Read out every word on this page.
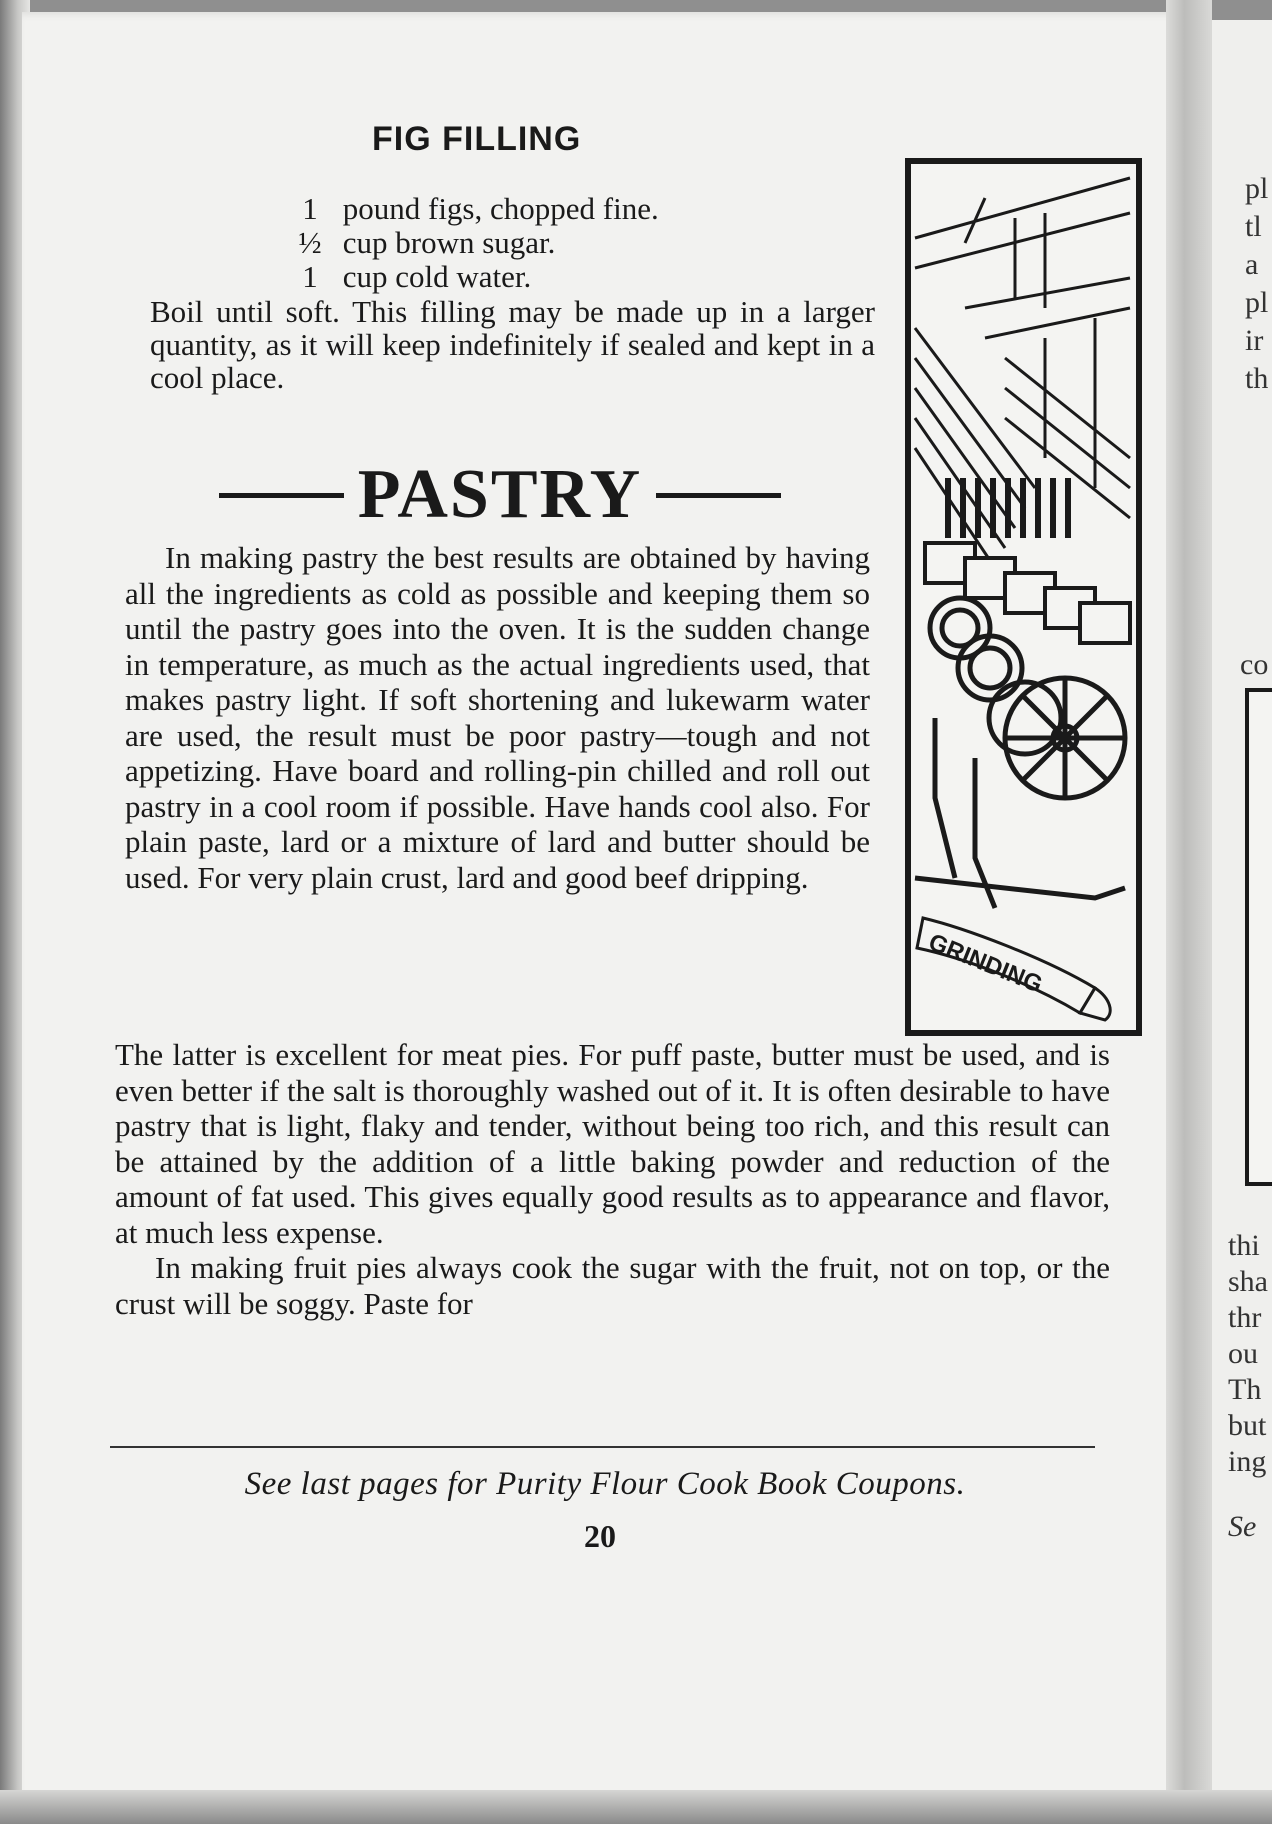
FIG FILLING
1 pound figs, chopped fine.
½ cup brown sugar.
1 cup cold water.

Boil until soft. This filling may be made up in a larger quantity, as it will keep indefinitely if sealed and kept in a cool place.

PASTRY

In making pastry the best results are obtained by having all the ingredients as cold as possible and keeping them so until the pastry goes into the oven. It is the sudden change in temperature, as much as the actual ingredients used, that makes pastry light. If soft shortening and lukewarm water are used, the result must be poor pastry—tough and not appetizing. Have board and rolling-pin chilled and roll out pastry in a cool room if possible. Have hands cool also. For plain paste, lard or a mixture of lard and butter should be used. For very plain crust, lard and good beef dripping.

The latter is excellent for meat pies. For puff paste, butter must be used, and is even better if the salt is thoroughly washed out of it. It is often desirable to have pastry that is light, flaky and tender, without being too rich, and this result can be attained by the addition of a little baking powder and reduction of the amount of fat used. This gives equally good results as to appearance and flavor, at much less expense.

In making fruit pies always cook the sugar with the fruit, not on top, or the crust will be soggy. Paste for

GRINDING
See last pages for Purity Flour Cook Book Coupons.
20
pl
tl
a
pl
ir
th
co
thi
sha
thr
ou
Th
but
ing
Se
